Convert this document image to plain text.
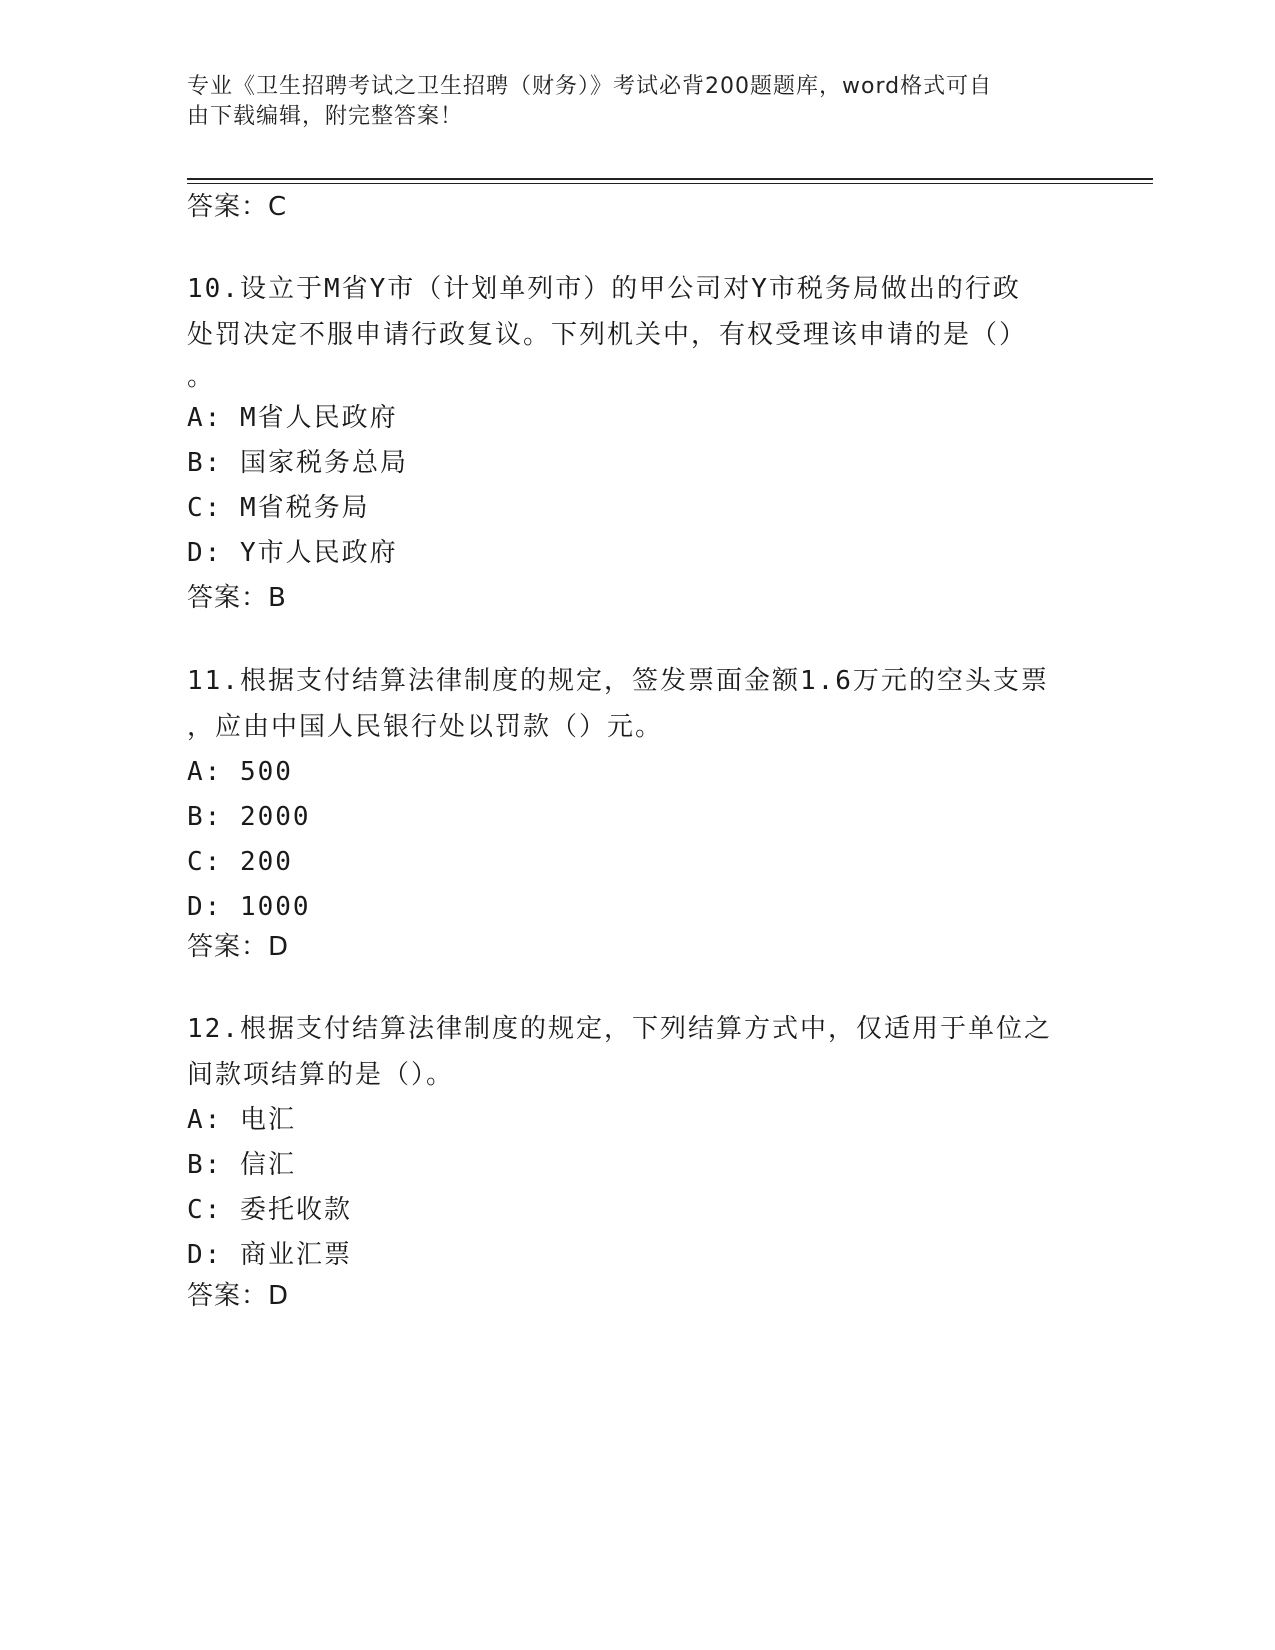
专业《卫生招聘考试之卫生招聘（财务）》考试必背200题题库，word格式可自
由下载编辑，附完整答案！
答案：C
10.设立于M省Y市（计划单列市）的甲公司对Y市税务局做出的行政
处罚决定不服申请行政复议。下列机关中，有权受理该申请的是（）
。
A: M省人民政府
B: 国家税务总局
C: M省税务局
D: Y市人民政府
答案：B
11.根据支付结算法律制度的规定，签发票面金额1.6万元的空头支票
，应由中国人民银行处以罚款（）元。
A: 500
B: 2000
C: 200
D: 1000
答案：D
12.根据支付结算法律制度的规定，下列结算方式中，仅适用于单位之
间款项结算的是（）。
A: 电汇
B: 信汇
C: 委托收款
D: 商业汇票
答案：D
